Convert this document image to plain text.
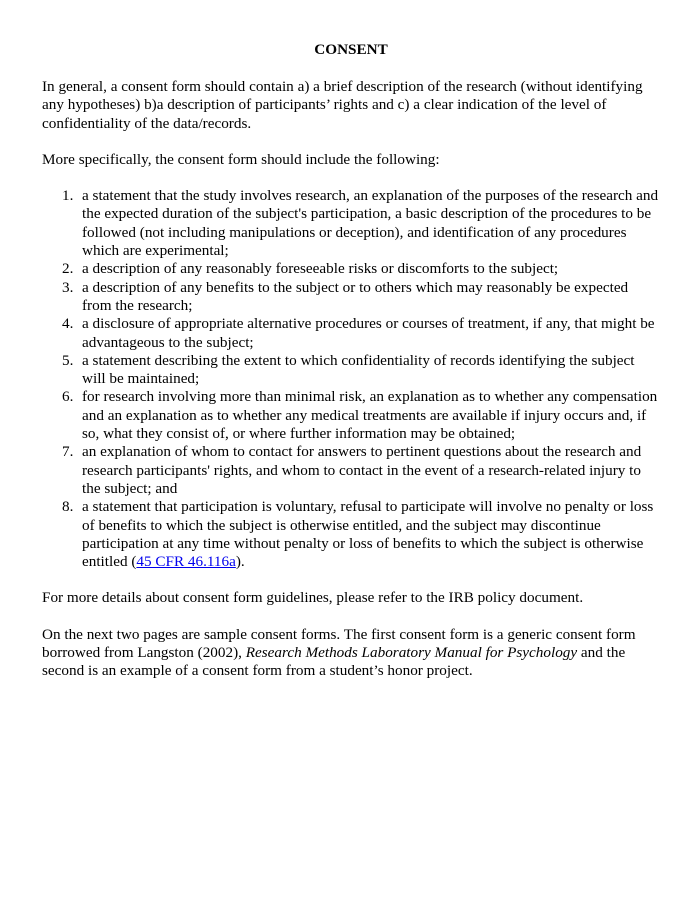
CONSENT

In general, a consent form should contain a) a brief description of the research (without identifying any hypotheses) b)a description of participants’ rights and c) a clear indication of the level of confidentiality of the data/records.

More specifically, the consent form should include the following:

1. a statement that the study involves research, an explanation of the purposes of the research and the expected duration of the subject's participation, a basic description of the procedures to be followed (not including manipulations or deception), and identification of any procedures which are experimental;
2. a description of any reasonably foreseeable risks or discomforts to the subject;
3. a description of any benefits to the subject or to others which may reasonably be expected from the research;
4. a disclosure of appropriate alternative procedures or courses of treatment, if any, that might be advantageous to the subject;
5. a statement describing the extent to which confidentiality of records identifying the subject will be maintained;
6. for research involving more than minimal risk, an explanation as to whether any compensation and an explanation as to whether any medical treatments are available if injury occurs and, if so, what they consist of, or where further information may be obtained;
7. an explanation of whom to contact for answers to pertinent questions about the research and research participants' rights, and whom to contact in the event of a research-related injury to the subject; and
8. a statement that participation is voluntary, refusal to participate will involve no penalty or loss of benefits to which the subject is otherwise entitled, and the subject may discontinue participation at any time without penalty or loss of benefits to which the subject is otherwise entitled (45 CFR 46.116a).

For more details about consent form guidelines, please refer to the IRB policy document.

On the next two pages are sample consent forms. The first consent form is a generic consent form borrowed from Langston (2002), Research Methods Laboratory Manual for Psychology and the second is an example of a consent form from a student’s honor project.
